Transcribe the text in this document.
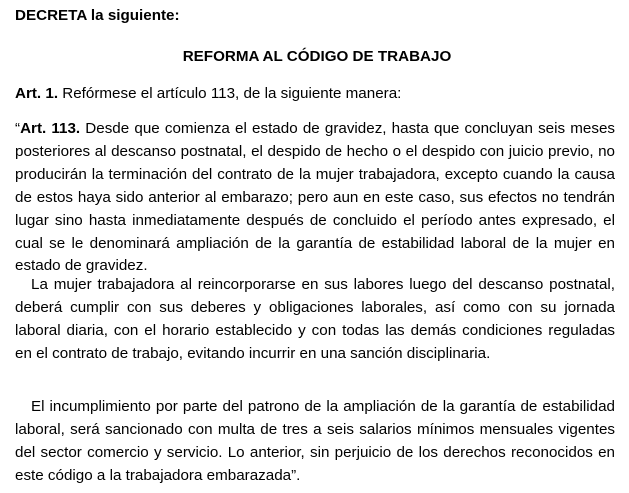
DECRETA la siguiente:
REFORMA AL CÓDIGO DE TRABAJO
Art. 1. Refórmese el artículo 113, de la siguiente manera:
“Art. 113. Desde que comienza el estado de gravidez, hasta que concluyan seis meses posteriores al descanso postnatal, el despido de hecho o el despido con juicio previo, no producirán la terminación del contrato de la mujer trabajadora, excepto cuando la causa de estos haya sido anterior al embarazo; pero aun en este caso, sus efectos no tendrán lugar sino hasta inmediatamente después de concluido el período antes expresado, el cual se le denominará ampliación de la garantía de estabilidad laboral de la mujer en estado de gravidez.
La mujer trabajadora al reincorporarse en sus labores luego del descanso postnatal, deberá cumplir con sus deberes y obligaciones laborales, así como con su jornada laboral diaria, con el horario establecido y con todas las demás condiciones reguladas en el contrato de trabajo, evitando incurrir en una sanción disciplinaria.
El incumplimiento por parte del patrono de la ampliación de la garantía de estabilidad laboral, será sancionado con multa de tres a seis salarios mínimos mensuales vigentes del sector comercio y servicio. Lo anterior, sin perjuicio de los derechos reconocidos en este código a la trabajadora embarazada”.
